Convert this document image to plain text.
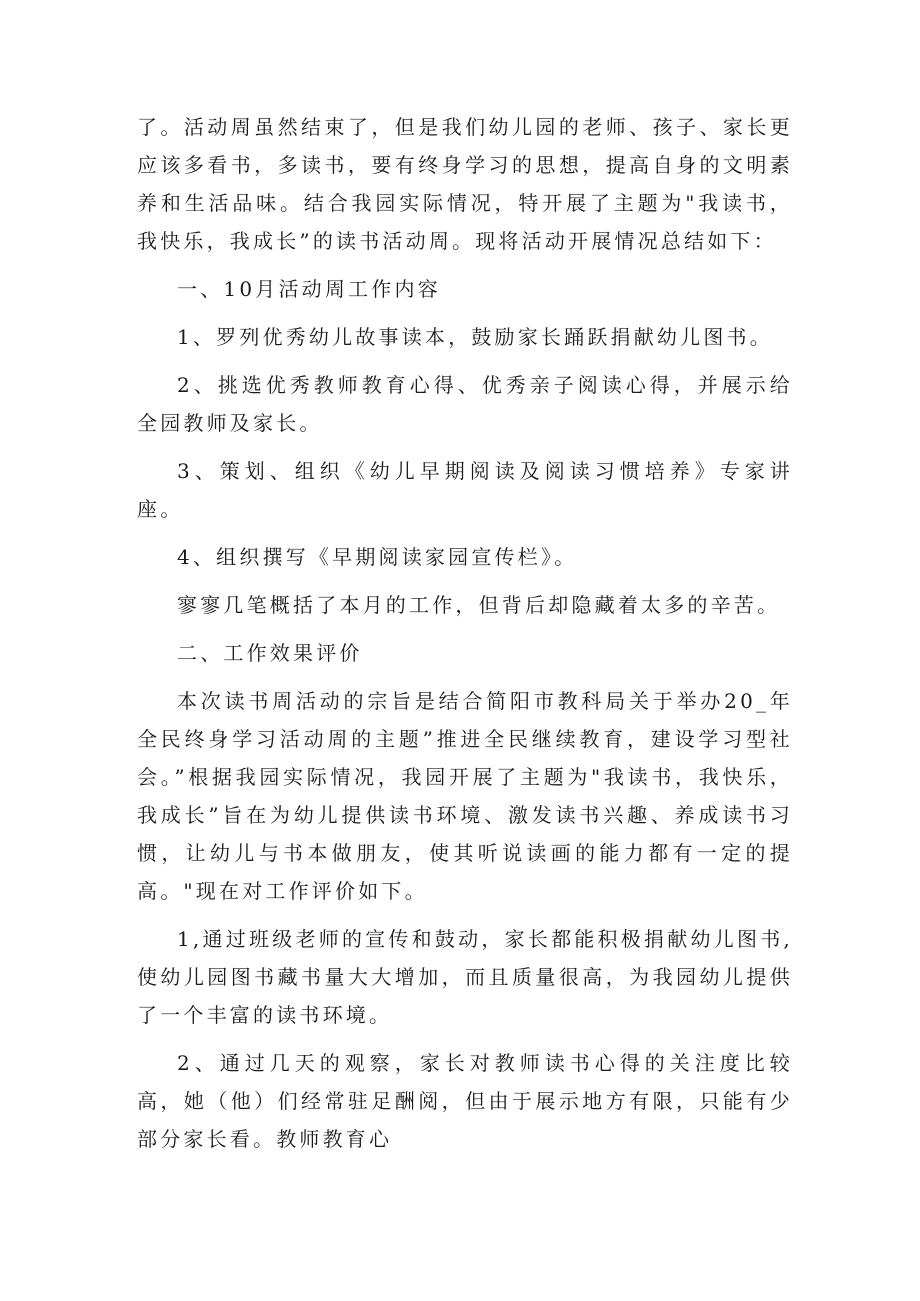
了。活动周虽然结束了，但是我们幼儿园的老师、孩子、家长更应该多看书，多读书，要有终身学习的思想，提高自身的文明素养和生活品味。结合我园实际情况，特开展了主题为"我读书，我快乐，我成长”的读书活动周。现将活动开展情况总结如下：

一、10月活动周工作内容

1、罗列优秀幼儿故事读本，鼓励家长踊跃捐献幼儿图书。

2、挑选优秀教师教育心得、优秀亲子阅读心得，并展示给全园教师及家长。

3、策划、组织《幼儿早期阅读及阅读习惯培养》专家讲座。

4、组织撰写《早期阅读家园宣传栏》。

寥寥几笔概括了本月的工作，但背后却隐藏着太多的辛苦。

二、工作效果评价

本次读书周活动的宗旨是结合简阳市教科局关于举办20_年全民终身学习活动周的主题”推进全民继续教育，建设学习型社会。”根据我园实际情况，我园开展了主题为"我读书，我快乐，我成长”旨在为幼儿提供读书环境、激发读书兴趣、养成读书习惯，让幼儿与书本做朋友，使其听说读画的能力都有一定的提高。"现在对工作评价如下。

1,通过班级老师的宣传和鼓动，家长都能积极捐献幼儿图书,使幼儿园图书藏书量大大增加，而且质量很高，为我园幼儿提供了一个丰富的读书环境。

2、通过几天的观察，家长对教师读书心得的关注度比较高，她（他）们经常驻足酬阅，但由于展示地方有限，只能有少部分家长看。教师教育心
